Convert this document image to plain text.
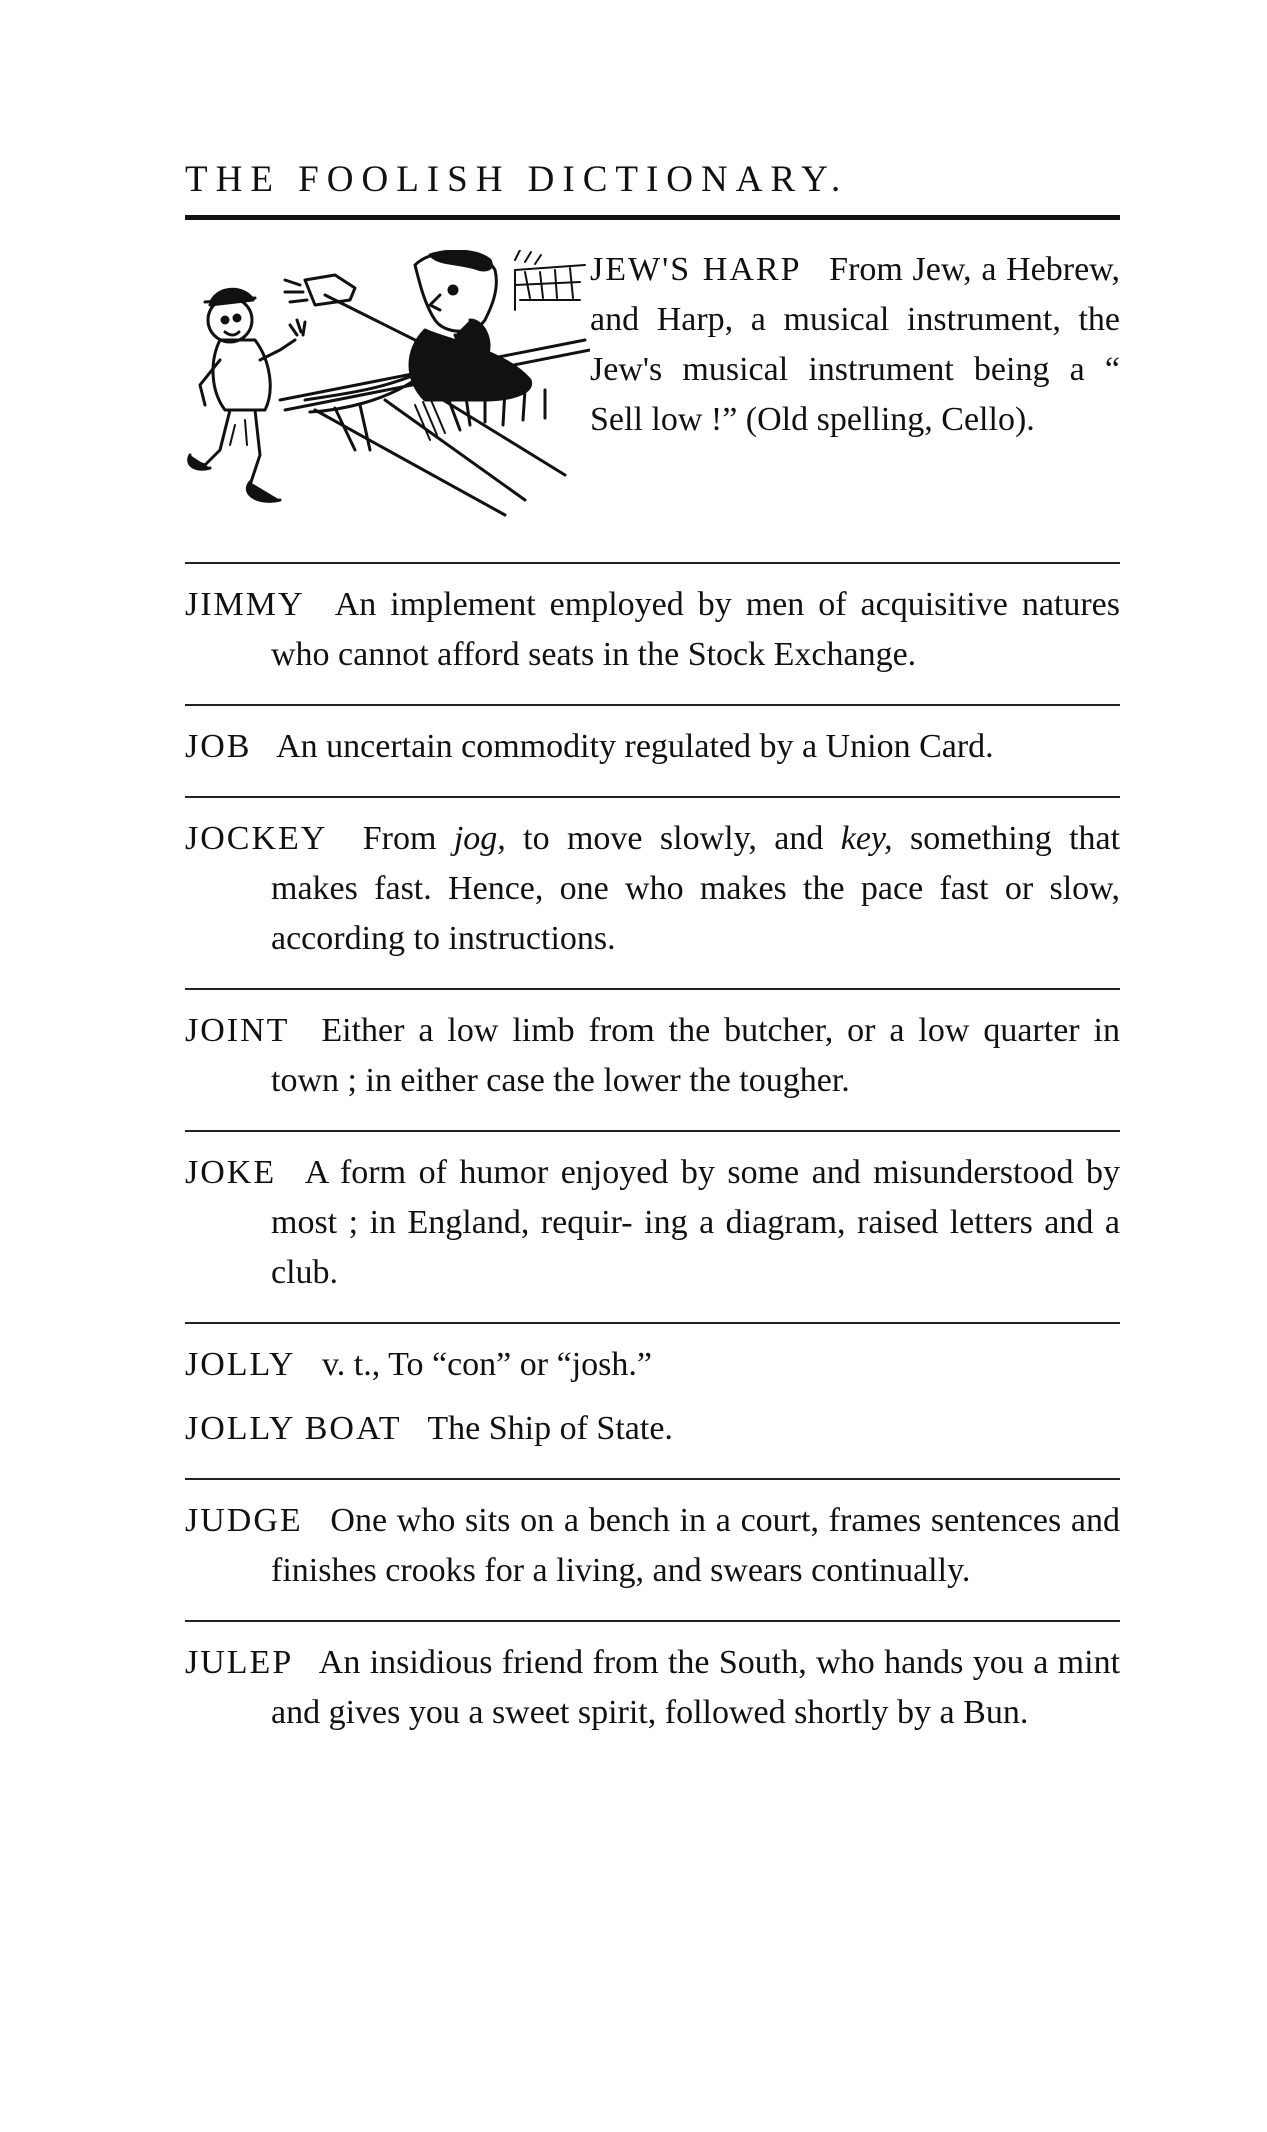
THE FOOLISH DICTIONARY.
JEW'S HARP From Jew, a Hebrew, and Harp, a musical instrument, the Jew's musical instrument being a “ Sell low !” (Old spelling, Cello).

JIMMY An implement employed by men of acquisitive natures who cannot afford seats in the Stock Exchange.

JOB An uncertain commodity regulated by a Union Card.

JOCKEY From jog, to move slowly, and key, something that makes fast. Hence, one who makes the pace fast or slow, according to instructions.

JOINT Either a low limb from the butcher, or a low quarter in town ; in either case the lower the tougher.

JOKE A form of humor enjoyed by some and misunderstood by most ; in England, requir- ing a diagram, raised letters and a club.

JOLLY v. t., To “con” or “josh.”

JOLLY BOAT The Ship of State.

JUDGE One who sits on a bench in a court, frames sentences and finishes crooks for a living, and swears continually.

JULEP An insidious friend from the South, who hands you a mint and gives you a sweet spirit, followed shortly by a Bun.
